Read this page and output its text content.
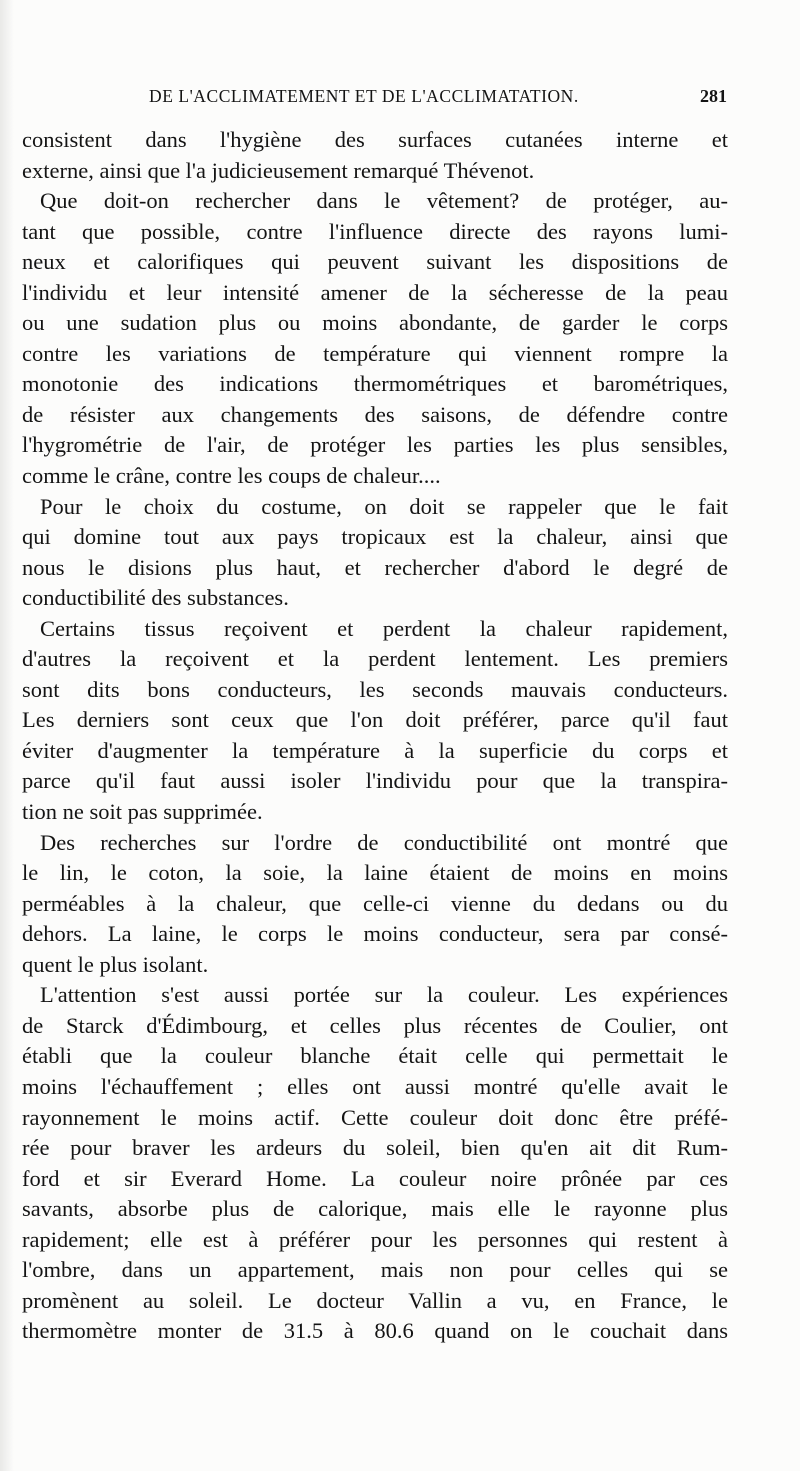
DE L'ACCLIMATEMENT ET DE L'ACCLIMATATION.	281
consistent dans l'hygiène des surfaces cutanées interne et
externe, ainsi que l'a judicieusement remarqué Thévenot.
Que doit-on rechercher dans le vêtement? de protéger, au-
tant que possible, contre l'influence directe des rayons lumi-
neux et calorifiques qui peuvent suivant les dispositions de
l'individu et leur intensité amener de la sécheresse de la peau
ou une sudation plus ou moins abondante, de garder le corps
contre les variations de température qui viennent rompre la
monotonie des indications thermométriques et barométriques,
de résister aux changements des saisons, de défendre contre
l'hygrométrie de l'air, de protéger les parties les plus sensibles,
comme le crâne, contre les coups de chaleur....
Pour le choix du costume, on doit se rappeler que le fait
qui domine tout aux pays tropicaux est la chaleur, ainsi que
nous le disions plus haut, et rechercher d'abord le degré de
conductibilité des substances.
Certains tissus reçoivent et perdent la chaleur rapidement,
d'autres la reçoivent et la perdent lentement. Les premiers
sont dits bons conducteurs, les seconds mauvais conducteurs.
Les derniers sont ceux que l'on doit préférer, parce qu'il faut
éviter d'augmenter la température à la superficie du corps et
parce qu'il faut aussi isoler l'individu pour que la transpira-
tion ne soit pas supprimée.
Des recherches sur l'ordre de conductibilité ont montré que
le lin, le coton, la soie, la laine étaient de moins en moins
perméables à la chaleur, que celle-ci vienne du dedans ou du
dehors. La laine, le corps le moins conducteur, sera par consé-
quent le plus isolant.
L'attention s'est aussi portée sur la couleur. Les expériences
de Starck d'Édimbourg, et celles plus récentes de Coulier, ont
établi que la couleur blanche était celle qui permettait le
moins l'échauffement ; elles ont aussi montré qu'elle avait le
rayonnement le moins actif. Cette couleur doit donc être préfé-
rée pour braver les ardeurs du soleil, bien qu'en ait dit Rum-
ford et sir Everard Home. La couleur noire prônée par ces
savants, absorbe plus de calorique, mais elle le rayonne plus
rapidement; elle est à préférer pour les personnes qui restent à
l'ombre, dans un appartement, mais non pour celles qui se
promènent au soleil. Le docteur Vallin a vu, en France, le
thermomètre monter de 31.5 à 80.6 quand on le couchait dans
